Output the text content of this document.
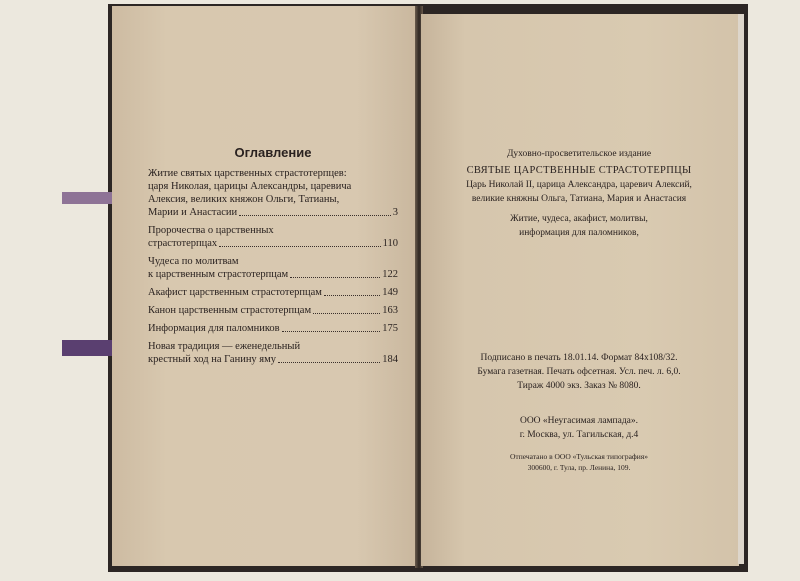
Оглавление
Житие святых царственных страстотерпцев:
царя Николая, царицы Александры, царевича
Алексия, великих княжон Ольги, Татианы,
Марии и Анастасии	3
Пророчества о царственных
страстотерпцах	110
Чудеса по молитвам
к царственным страстотерпцам	122
Акафист царственным страстотерпцам	149
Канон царственным страстотерпцам	163
Информация для паломников	175
Новая традиция — еженедельный
крестный ход на Ганину яму	184
Духовно-просветительское издание
СВЯТЫЕ ЦАРСТВЕННЫЕ СТРАСТОТЕРПЦЫ
Царь Николай II, царица Александра, царевич Алексий,
великие княжны Ольга, Татиана, Мария и Анастасия
Житие, чудеса, акафист, молитвы,
информация для паломников,
Подписано в печать 18.01.14. Формат 84x108/32.
Бумага газетная. Печать офсетная. Усл. печ. л. 6,0.
Тираж 4000 экз. Заказ № 8080.
ООО «Неугасимая лампада».
г. Москва, ул. Тагильская, д.4
Отпечатано в ООО «Тульская типография»
300600, г. Тула, пр. Ленина, 109.
